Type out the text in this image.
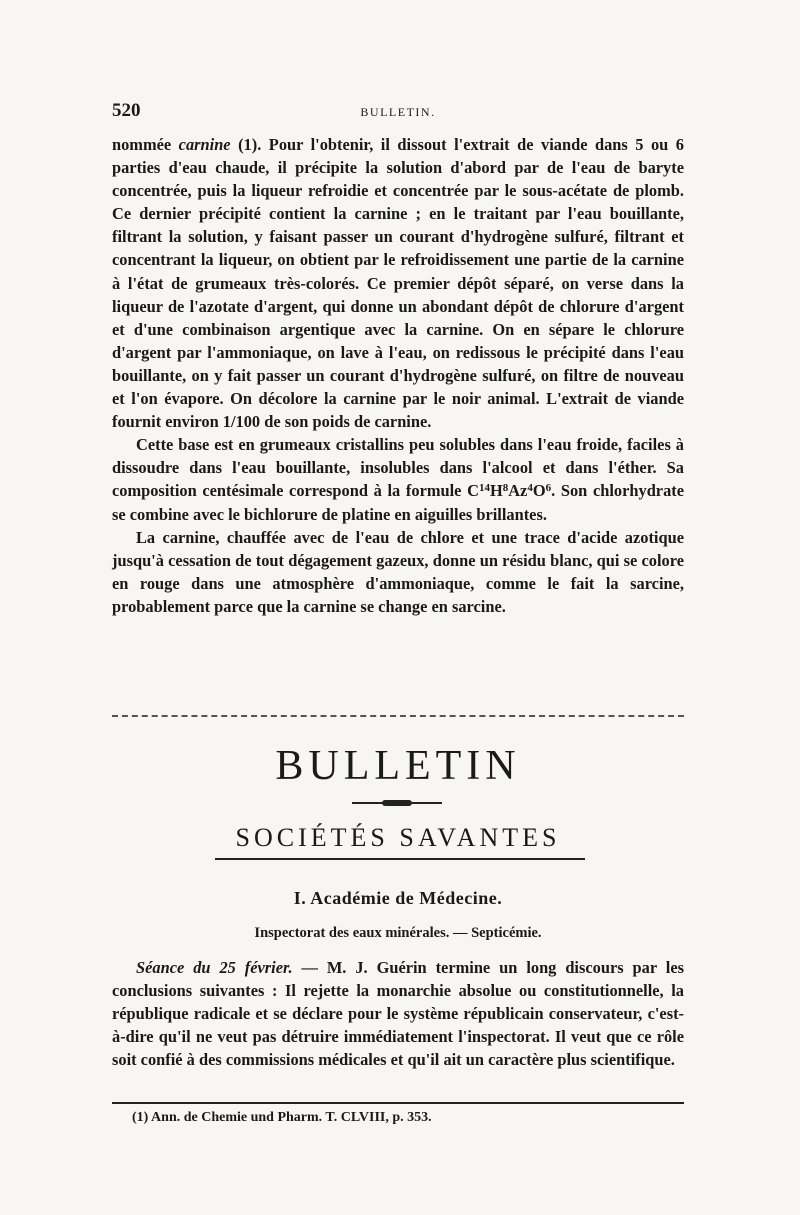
520	BULLETIN.

nommée carnine (1). Pour l'obtenir, il dissout l'extrait de viande dans 5 ou 6 parties d'eau chaude, il précipite la solution d'abord par de l'eau de baryte concentrée, puis la liqueur refroidie et concentrée par le sous-acétate de plomb. Ce dernier précipité contient la carnine ; en le traitant par l'eau bouillante, filtrant la solution, y faisant passer un courant d'hydrogène sulfuré, filtrant et concentrant la liqueur, on obtient par le refroidissement une partie de la carnine à l'état de grumeaux très-colorés. Ce premier dépôt séparé, on verse dans la liqueur de l'azotate d'argent, qui donne un abondant dépôt de chlorure d'argent et d'une combinaison argentique avec la carnine. On en sépare le chlorure d'argent par l'ammoniaque, on lave à l'eau, on redissous le précipité dans l'eau bouillante, on y fait passer un courant d'hydrogène sulfuré, on filtre de nouveau et l'on évapore. On décolore la carnine par le noir animal. L'extrait de viande fournit environ 1/100 de son poids de carnine.

Cette base est en grumeaux cristallins peu solubles dans l'eau froide, faciles à dissoudre dans l'eau bouillante, insolubles dans l'alcool et dans l'éther. Sa composition centésimale correspond à la formule $C^{14}H^8Az^4O^6$. Son chlorhydrate se combine avec le bichlorure de platine en aiguilles brillantes.

La carnine, chauffée avec de l'eau de chlore et une trace d'acide azotique jusqu'à cessation de tout dégagement gazeux, donne un résidu blanc, qui se colore en rouge dans une atmosphère d'ammoniaque, comme le fait la sarcine, probablement parce que la carnine se change en sarcine.

BULLETIN
SOCIÉTÉS SAVANTES
I. Académie de Médecine.
Inspectorat des eaux minérales. — Septicémie.

Séance du 25 février. — M. J. Guérin termine un long discours par les conclusions suivantes : Il rejette la monarchie absolue ou constitutionnelle, la république radicale et se déclare pour le système républicain conservateur, c'est-à-dire qu'il ne veut pas détruire immédiatement l'inspectorat. Il veut que ce rôle soit confié à des commissions médicales et qu'il ait un caractère plus scientifique.

(1) Ann. de Chemie und Pharm. T. CLVIII, p. 353.
